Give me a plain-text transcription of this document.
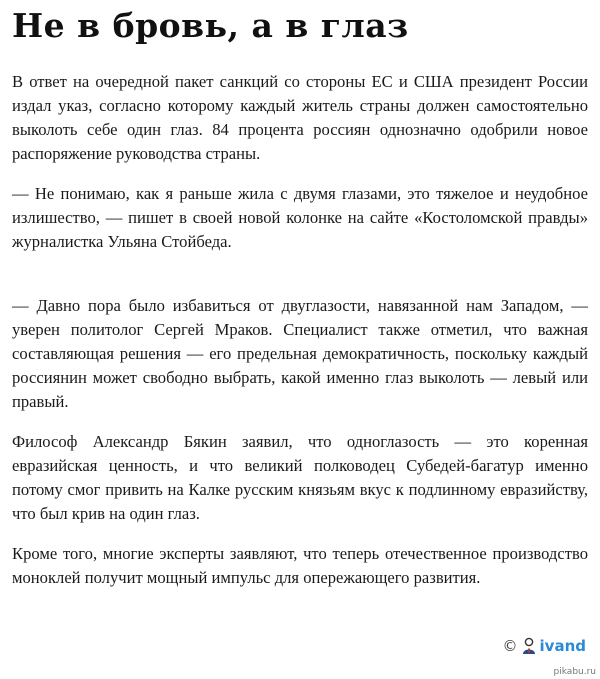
Не в бровь, а в глаз

В ответ на очередной пакет санкций со стороны ЕС и США президент России издал указ, согласно которому каждый житель страны должен самостоятельно выколоть себе один глаз. 84 процента россиян однозначно одобрили новое распоряжение руководства страны.

— Не понимаю, как я раньше жила с двумя глазами, это тяжелое и неудобное излишество, — пишет в своей новой колонке на сайте «Костоломской правды» журналистка Ульяна Стойбеда.

— Давно пора было избавиться от двуглазости, навязанной нам Западом, — уверен политолог Сергей Мраков. Специалист также отметил, что важная составляющая решения — его предельная демократичность, поскольку каждый россиянин может свободно выбрать, какой именно глаз выколоть — левый или правый.

Философ Александр Бякин заявил, что одноглазость — это коренная евразийская ценность, и что великий полководец Субедей-багатур именно потому смог привить на Калке русским князьям вкус к подлинному евразийству, что был крив на один глаз.

Кроме того, многие эксперты заявляют, что теперь отечественное производство моноклей получит мощный импульс для опережающего развития.

© ivand
pikabu.ru
